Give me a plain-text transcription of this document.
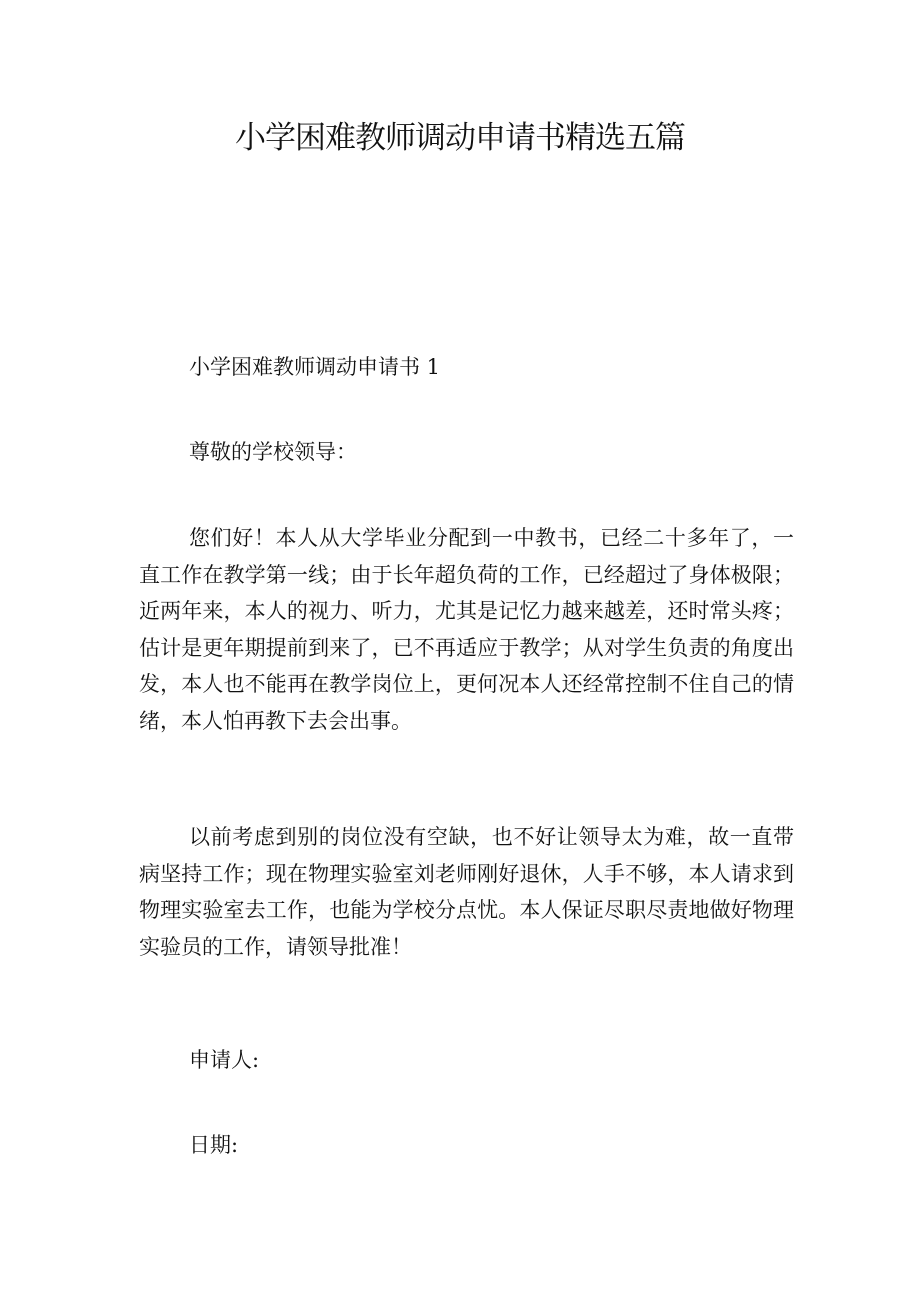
小学困难教师调动申请书精选五篇

小学困难教师调动申请书 1

尊敬的学校领导：

您们好！本人从大学毕业分配到一中教书，已经二十多年了，一直工作在教学第一线；由于长年超负荷的工作，已经超过了身体极限；近两年来，本人的视力、听力，尤其是记忆力越来越差，还时常头疼；估计是更年期提前到来了，已不再适应于教学；从对学生负责的角度出发，本人也不能再在教学岗位上，更何况本人还经常控制不住自己的情绪，本人怕再教下去会出事。

以前考虑到别的岗位没有空缺，也不好让领导太为难，故一直带病坚持工作；现在物理实验室刘老师刚好退休，人手不够，本人请求到物理实验室去工作，也能为学校分点忧。本人保证尽职尽责地做好物理实验员的工作，请领导批准！

申请人:

日期:
